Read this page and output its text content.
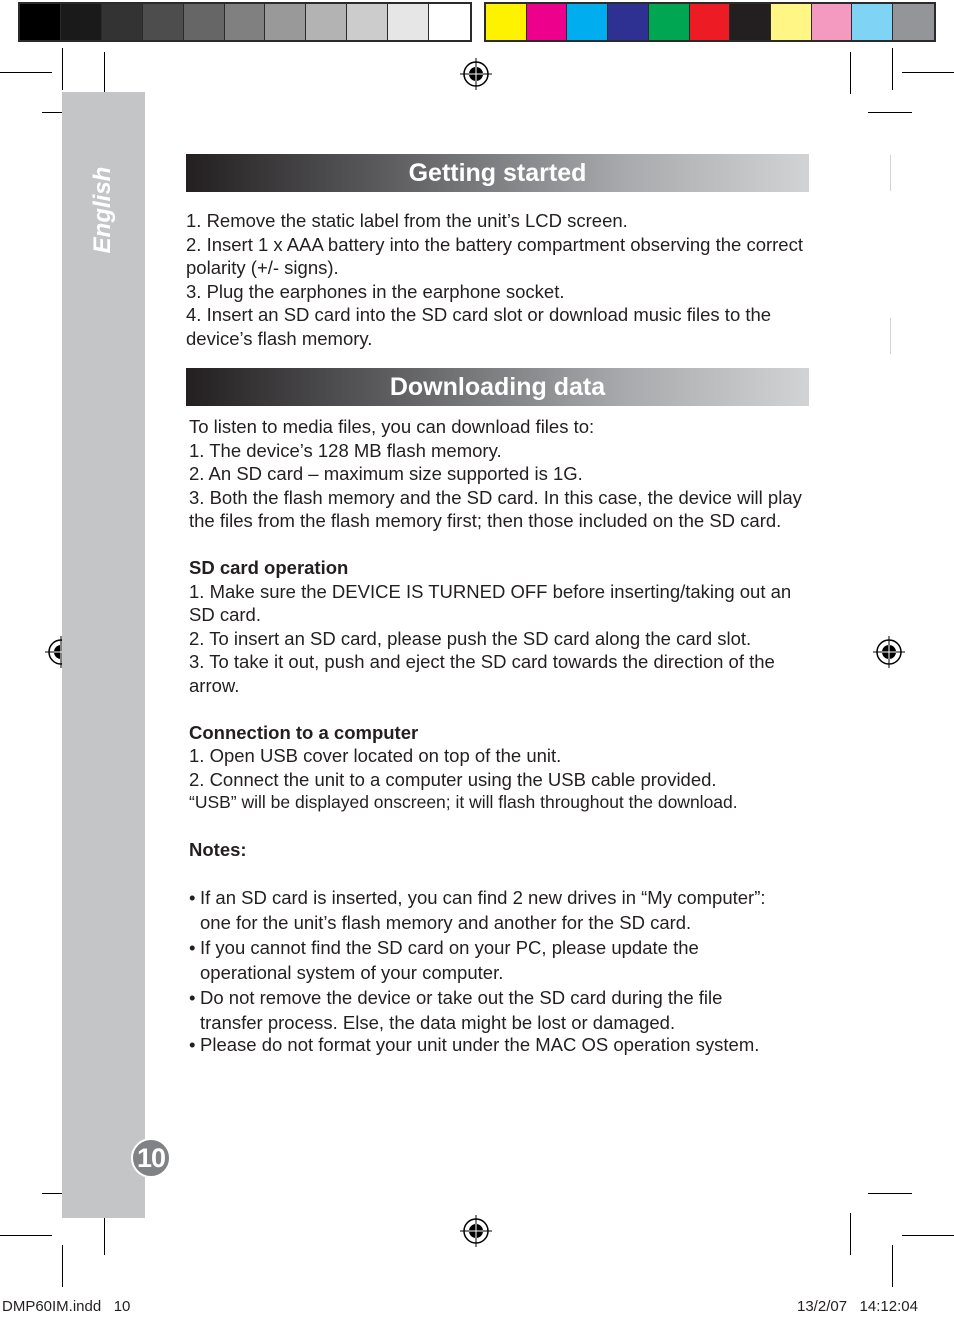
English
10
Getting started

1. Remove the static label from the unit’s LCD screen.

2. Insert 1 x AAA battery into the battery compartment observing the correct polarity (+/- signs).

3. Plug the earphones in the earphone socket.

4. Insert an SD card into the SD card slot or download music files to the device’s flash memory.

Downloading data

To listen to media files, you can download files to:

1. The device’s 128 MB flash memory.

2. An SD card – maximum size supported is 1G.

3. Both the flash memory and the SD card. In this case, the device will play the files from the flash memory first; then those included on the SD card.

SD card operation

1. Make sure the DEVICE IS TURNED OFF before inserting/taking out an SD card.

2. To insert an SD card, please push the SD card along the card slot.

3. To take it out, push and eject the SD card towards the direction of the arrow.

Connection to a computer

1. Open USB cover located on top of the unit.

2. Connect the unit to a computer using the USB cable provided.

“USB” will be displayed onscreen; it will flash throughout the download.

Notes:
• If an SD card is inserted, you can find 2 new drives in “My computer”:
one for the unit’s flash memory and another for the SD card.
• If you cannot find the SD card on your PC, please update the
operational system of your computer.
• Do not remove the device or take out the SD card during the file
transfer process. Else, the data might be lost or damaged.
• Please do not format your unit under the MAC OS operation system.
DMP60IM.indd   10	13/2/07   14:12:04
